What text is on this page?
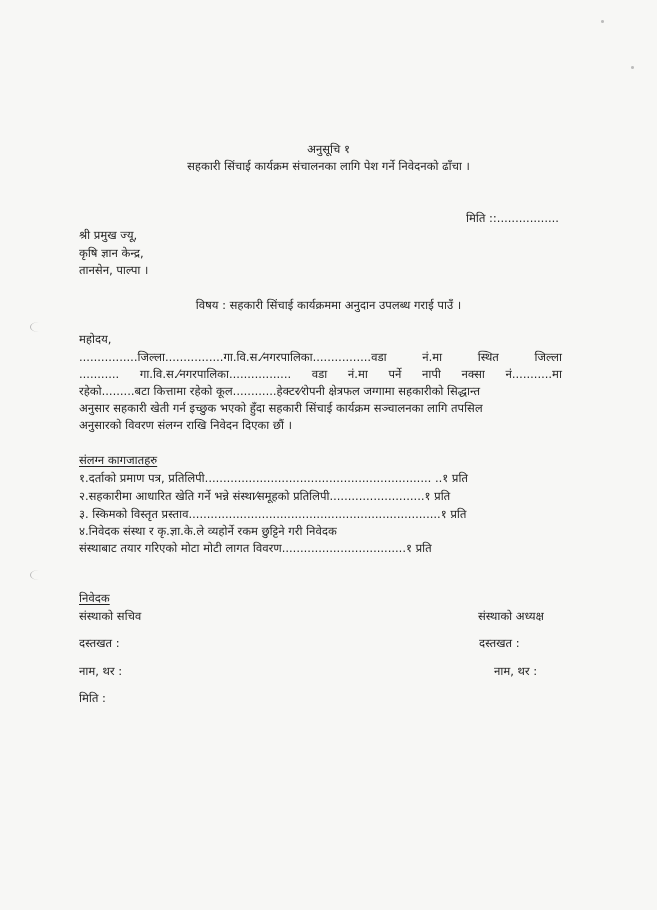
अनुसूचि १
सहकारी सिंचाई कार्यक्रम संचालनका लागि पेश गर्ने निवेदनको ढाँचा ।
मिति ::.................
श्री प्रमुख ज्यू,
कृषि ज्ञान केन्द्र,
तानसेन, पाल्पा ।
विषय : सहकारी सिंचाई कार्यक्रममा अनुदान उपलब्ध गराई पाउँ ।
महोदय,
................जिल्ला................गा.वि.स.⁄नगरपालिका................वडा	नं.मा	स्थित	जिल्ला
........... गा.वि.स.⁄नगरपालिका................. वडा नं.मा पर्ने नापी नक्सा नं...........मा
रहेको.........बटा कित्तामा रहेको कूल............हेक्टर⁄रोपनी क्षेत्रफल जग्गामा सहकारीको सिद्धान्त
अनुसार सहकारी खेती गर्न इच्छुक भएको हुँदा सहकारी सिंचाई कार्यक्रम सञ्चालनका लागि तपसिल
अनुसारको विवरण संलग्न राखि निवेदन दिएका छौं ।
संलग्न कागजातहरु
१.दर्ताको प्रमाण पत्र, प्रतिलिपी.............................................................. ..१ प्रति
२.सहकारीमा आधारित खेति गर्ने भन्ने संस्था⁄समूहको प्रतिलिपी..........................१ प्रति
३. स्किमको विस्तृत प्रस्ताव.....................................................................१ प्रति
४.निवेदक संस्था र कृ.ज्ञा.के.ले व्यहोर्ने रकम छुट्टिने गरी निवेदक
संस्थाबाट तयार गरिएको मोटा मोटी लागत विवरण..................................१ प्रति
निवेदक
संस्थाको सचिव	संस्थाको अध्यक्ष
दस्तखत :	दस्तखत :
नाम, थर :	नाम, थर :
मिति :
